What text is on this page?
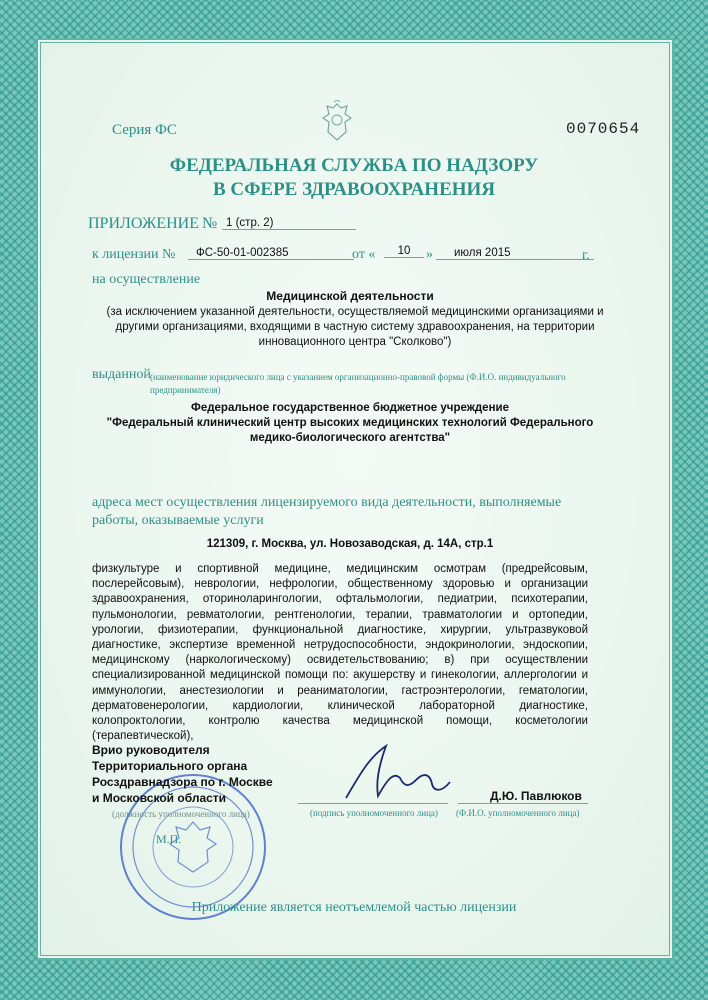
Серия ФС	0070654
ФЕДЕРАЛЬНАЯ СЛУЖБА ПО НАДЗОРУ
В СФЕРЕ ЗДРАВООХРАНЕНИЯ
ПРИЛОЖЕНИЕ № 1 (стр. 2)
к лицензии №	ФС-50-01-002385	от «	10	»	июля 2015	г.
на осуществление
Медицинской деятельности
(за исключением указанной деятельности, осуществляемой медицинскими организациями и другими организациями, входящими в частную систему здравоохранения, на территории инновационного центра "Сколково")
выданной (наименование юридического лица с указанием организационно-правовой формы (Ф.И.О. индивидуального предпринимателя)
Федеральное государственное бюджетное учреждение
"Федеральный клинический центр высоких медицинских технологий Федерального
медико-биологического агентства"
адреса мест осуществления лицензируемого вида деятельности, выполняемые работы, оказываемые услуги
121309, г. Москва, ул. Новозаводская, д. 14А, стр.1
физкультуре и спортивной медицине, медицинским осмотрам (предрейсовым, послерейсовым), неврологии, нефрологии, общественному здоровью и организации здравоохранения, оториноларингологии, офтальмологии, педиатрии, психотерапии, пульмонологии, ревматологии, рентгенологии, терапии, травматологии и ортопедии, урологии, физиотерапии, функциональной диагностике, хирургии, ультразвуковой диагностике, экспертизе временной нетрудоспособности, эндокринологии, эндоскопии, медицинскому (наркологическому) освидетельствованию; в) при осуществлении специализированной медицинской помощи по: акушерству и гинекологии, аллергологии и иммунологии, анестезиологии и реаниматологии, гастроэнтерологии, гематологии, дерматовенерологии, кардиологии, клинической лабораторной диагностике, колопроктологии, контролю качества медицинской помощи, косметологии (терапевтической),
Врио руководителя
Территориального органа
Росздравнадзора по г. Москве
и Московской области
(должность уполномоченного лица)	(подпись уполномоченного лица)
Д.Ю. Павлюков
(Ф.И.О. уполномоченного лица)
М.П.
Приложение является неотъемлемой частью лицензии
